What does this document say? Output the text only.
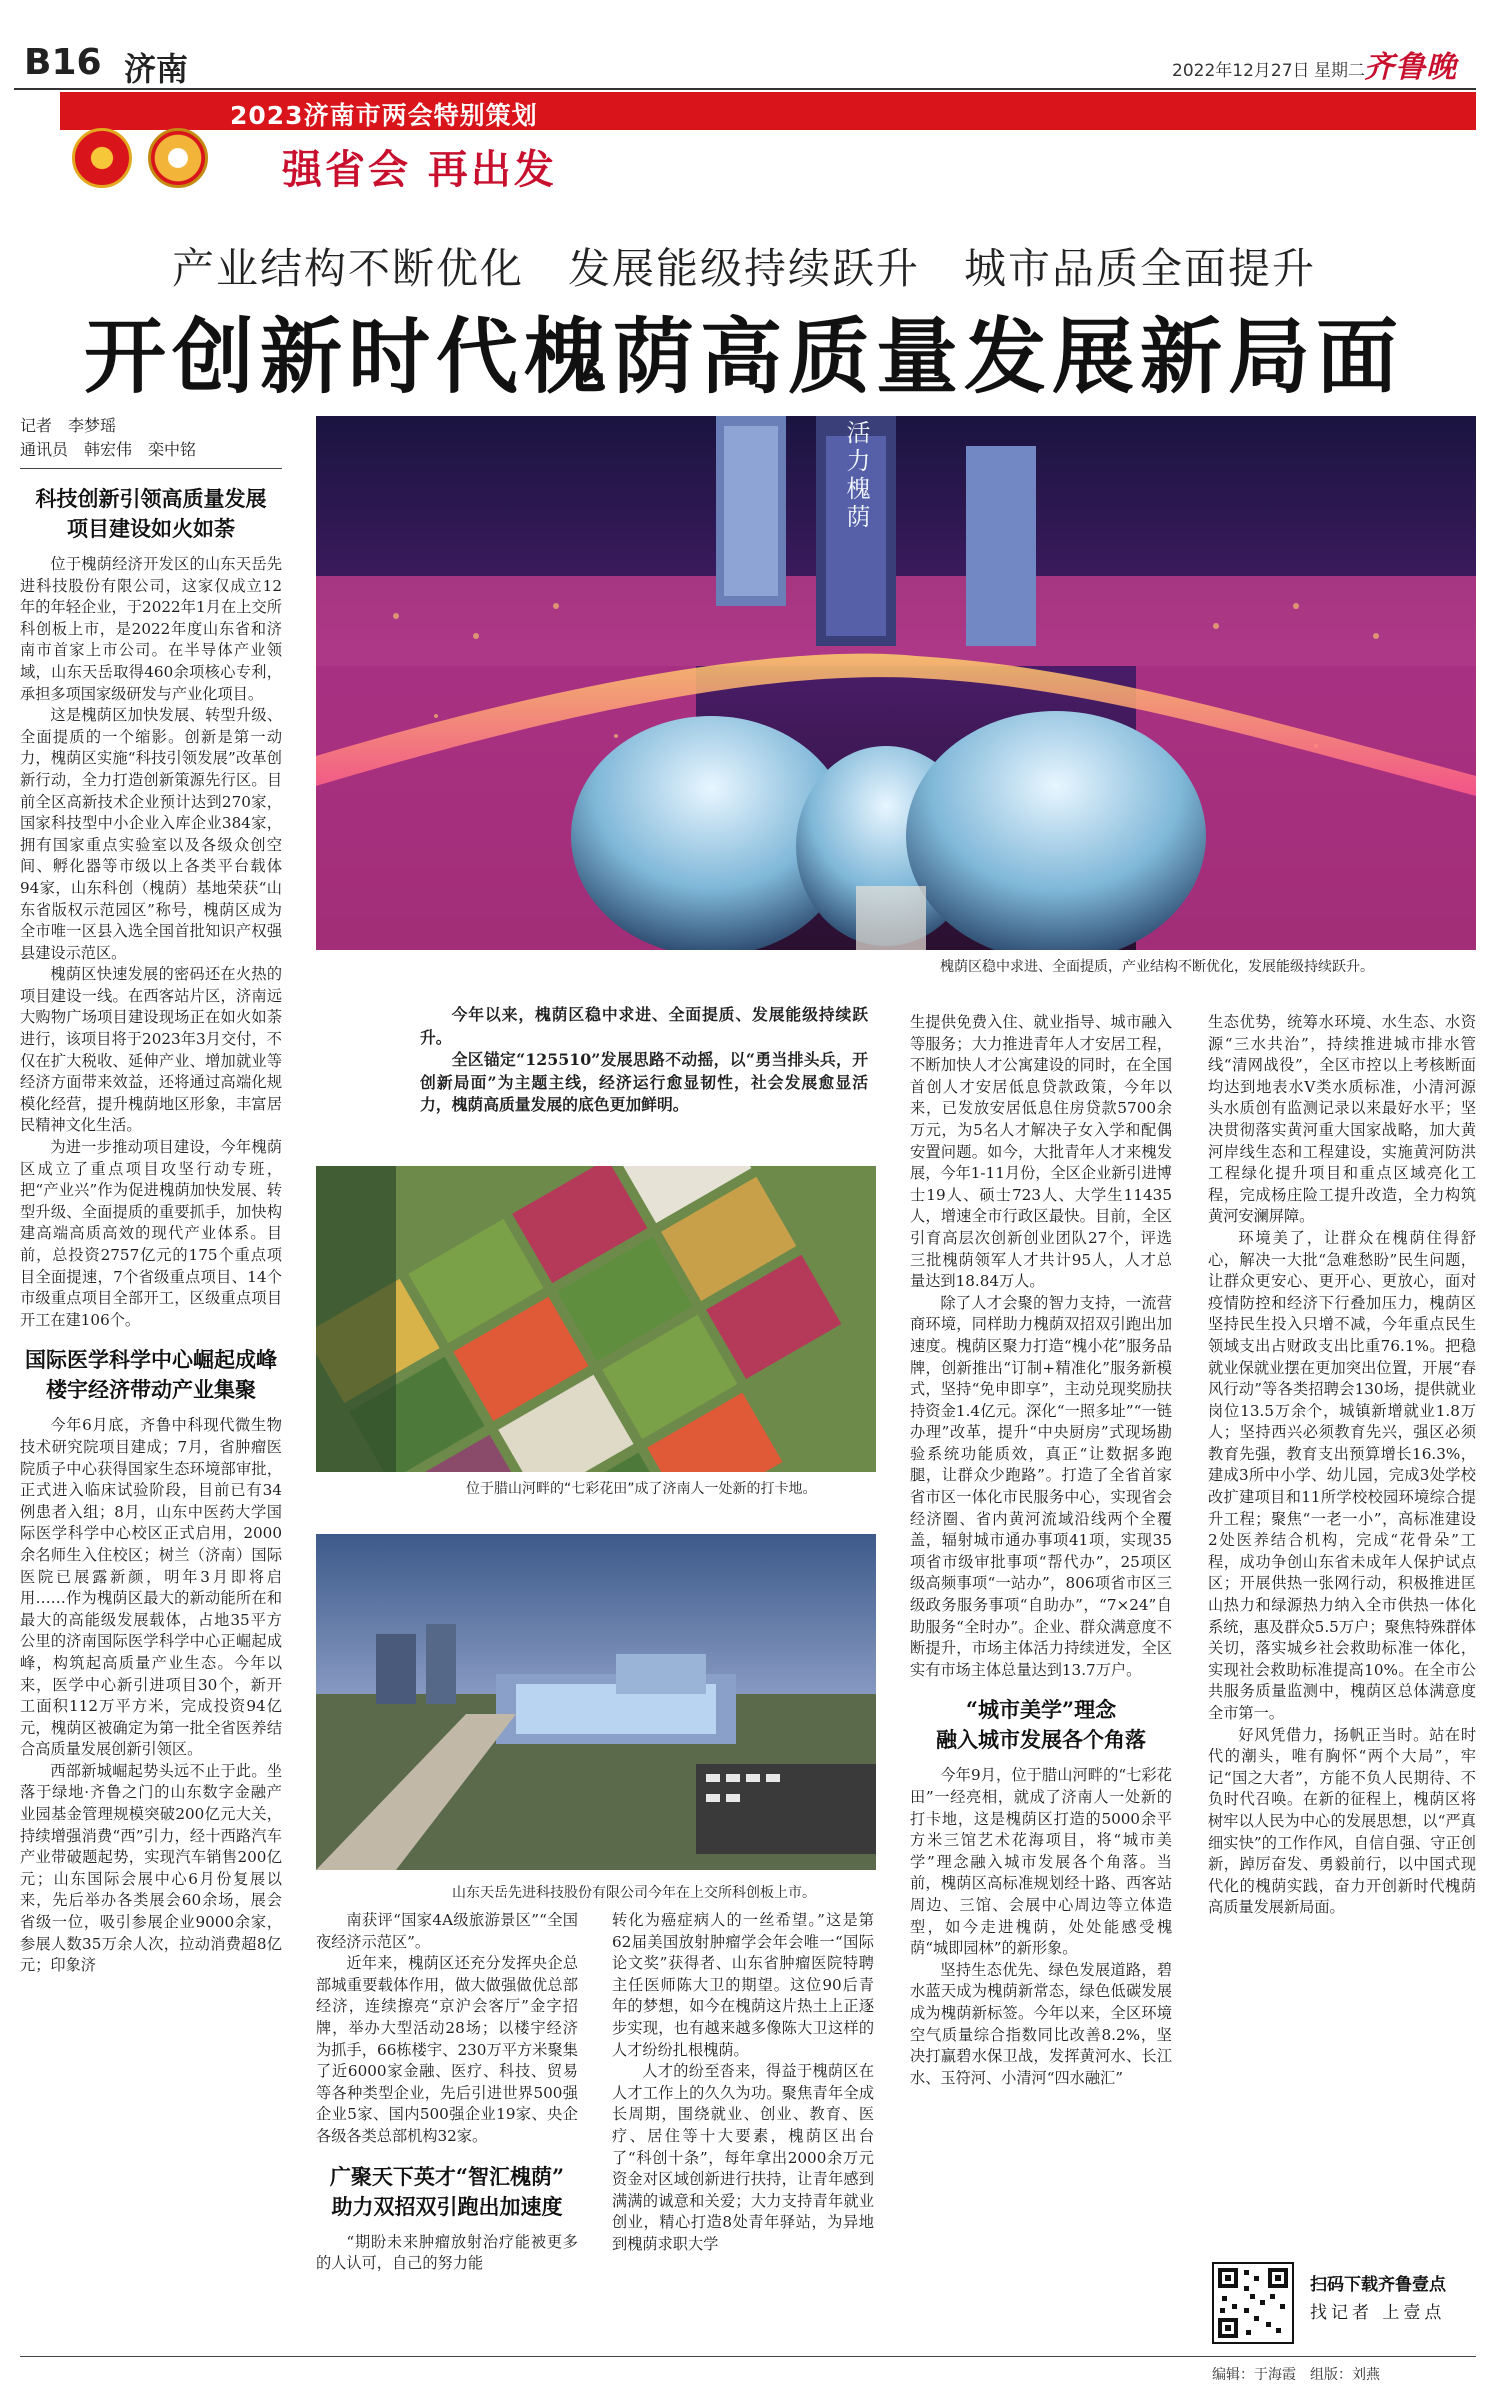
B16 济南	2022年12月27日 星期二 齐鲁晚
2023济南市两会特别策划
强省会 再出发
产业结构不断优化　发展能级持续跃升　城市品质全面提升
开创新时代槐荫高质量发展新局面
记者　李梦瑶
通讯员　韩宏伟　栾中铭

科技创新引领高质量发展
项目建设如火如荼

位于槐荫经济开发区的山东天岳先进科技股份有限公司，这家仅成立12年的年轻企业，于2022年1月在上交所科创板上市，是2022年度山东省和济南市首家上市公司。在半导体产业领域，山东天岳取得460余项核心专利，承担多项国家级研发与产业化项目。

这是槐荫区加快发展、转型升级、全面提质的一个缩影。创新是第一动力，槐荫区实施“科技引领发展”改革创新行动，全力打造创新策源先行区。目前全区高新技术企业预计达到270家，国家科技型中小企业入库企业384家，拥有国家重点实验室以及各级众创空间、孵化器等市级以上各类平台载体94家，山东科创（槐荫）基地荣获“山东省版权示范园区”称号，槐荫区成为全市唯一区县入选全国首批知识产权强县建设示范区。

槐荫区快速发展的密码还在火热的项目建设一线。在西客站片区，济南远大购物广场项目建设现场正在如火如荼进行，该项目将于2023年3月交付，不仅在扩大税收、延伸产业、增加就业等经济方面带来效益，还将通过高端化规模化经营，提升槐荫地区形象，丰富居民精神文化生活。

为进一步推动项目建设，今年槐荫区成立了重点项目攻坚行动专班，把“产业兴”作为促进槐荫加快发展、转型升级、全面提质的重要抓手，加快构建高端高质高效的现代产业体系。目前，总投资2757亿元的175个重点项目全面提速，7个省级重点项目、14个市级重点项目全部开工，区级重点项目开工在建106个。

国际医学科学中心崛起成峰
楼宇经济带动产业集聚

今年6月底，齐鲁中科现代微生物技术研究院项目建成；7月，省肿瘤医院质子中心获得国家生态环境部审批，正式进入临床试验阶段，目前已有34例患者入组；8月，山东中医药大学国际医学科学中心校区正式启用，2000余名师生入住校区；树兰（济南）国际医院已展露新颜，明年3月即将启用……作为槐荫区最大的新动能所在和最大的高能级发展载体，占地35平方公里的济南国际医学科学中心正崛起成峰，构筑起高质量产业生态。今年以来，医学中心新引进项目30个，新开工面积112万平方米，完成投资94亿元，槐荫区被确定为第一批全省医养结合高质量发展创新引领区。

西部新城崛起势头远不止于此。坐落于绿地·齐鲁之门的山东数字金融产业园基金管理规模突破200亿元大关，持续增强消费“西”引力，经十西路汽车产业带破题起势，实现汽车销售200亿元；山东国际会展中心6月份复展以来，先后举办各类展会60余场，展会省级一位，吸引参展企业9000余家，参展人数35万余人次，拉动消费超8亿元；印象济

活力槐荫
槐荫区稳中求进、全面提质，产业结构不断优化，发展能级持续跃升。

今年以来，槐荫区稳中求进、全面提质、发展能级持续跃升。

全区锚定“125510”发展思路不动摇，以“勇当排头兵，开创新局面”为主题主线，经济运行愈显韧性，社会发展愈显活力，槐荫高质量发展的底色更加鲜明。

位于腊山河畔的“七彩花田”成了济南人一处新的打卡地。
山东天岳先进科技股份有限公司今年在上交所科创板上市。

南获评“国家4A级旅游景区”“全国夜经济示范区”。

近年来，槐荫区还充分发挥央企总部城重要载体作用，做大做强做优总部经济，连续擦亮“京沪会客厅”金字招牌，举办大型活动28场；以楼宇经济为抓手，66栋楼宇、230万平方米聚集了近6000家金融、医疗、科技、贸易等各种类型企业，先后引进世界500强企业5家、国内500强企业19家、央企各级各类总部机构32家。

广聚天下英才“智汇槐荫”
助力双招双引跑出加速度

“期盼未来肿瘤放射治疗能被更多的人认可，自己的努力能

转化为癌症病人的一丝希望。”这是第62届美国放射肿瘤学会年会唯一“国际论文奖”获得者、山东省肿瘤医院特聘主任医师陈大卫的期望。这位90后青年的梦想，如今在槐荫这片热土上正逐步实现，也有越来越多像陈大卫这样的人才纷纷扎根槐荫。

人才的纷至沓来，得益于槐荫区在人才工作上的久久为功。聚焦青年全成长周期，围绕就业、创业、教育、医疗、居住等十大要素，槐荫区出台了“科创十条”，每年拿出2000余万元资金对区域创新进行扶持，让青年感到满满的诚意和关爱；大力支持青年就业创业，精心打造8处青年驿站，为异地到槐荫求职大学

生提供免费入住、就业指导、城市融入等服务；大力推进青年人才安居工程，不断加快人才公寓建设的同时，在全国首创人才安居低息贷款政策，今年以来，已发放安居低息住房贷款5700余万元，为5名人才解决子女入学和配偶安置问题。如今，大批青年人才来槐发展，今年1-11月份，全区企业新引进博士19人、硕士723人、大学生11435人，增速全市行政区最快。目前，全区引育高层次创新创业团队27个，评选三批槐荫领军人才共计95人，人才总量达到18.84万人。

除了人才会聚的智力支持，一流营商环境，同样助力槐荫双招双引跑出加速度。槐荫区聚力打造“槐小花”服务品牌，创新推出“订制+精准化”服务新模式，坚持“免申即享”，主动兑现奖励扶持资金1.4亿元。深化“一照多址”“一链办理”改革，提升“中央厨房”式现场勘验系统功能质效，真正“让数据多跑腿，让群众少跑路”。打造了全省首家省市区一体化市民服务中心，实现省会经济圈、省内黄河流域沿线两个全覆盖，辐射城市通办事项41项，实现35项省市级审批事项“帮代办”，25项区级高频事项“一站办”，806项省市区三级政务服务事项“自助办”，“7×24”自助服务“全时办”。企业、群众满意度不断提升，市场主体活力持续迸发，全区实有市场主体总量达到13.7万户。

“城市美学”理念
融入城市发展各个角落

今年9月，位于腊山河畔的“七彩花田”一经亮相，就成了济南人一处新的打卡地，这是槐荫区打造的5000余平方米三馆艺术花海项目，将“城市美学”理念融入城市发展各个角落。当前，槐荫区高标准规划经十路、西客站周边、三馆、会展中心周边等立体造型，如今走进槐荫，处处能感受槐荫“城即园林”的新形象。

坚持生态优先、绿色发展道路，碧水蓝天成为槐荫新常态，绿色低碳发展成为槐荫新标签。今年以来，全区环境空气质量综合指数同比改善8.2%，坚决打赢碧水保卫战，发挥黄河水、长江水、玉符河、小清河“四水融汇”

生态优势，统筹水环境、水生态、水资源“三水共治”，持续推进城市排水管线“清网战役”，全区市控以上考核断面均达到地表水Ⅴ类水质标准，小清河源头水质创有监测记录以来最好水平；坚决贯彻落实黄河重大国家战略，加大黄河岸线生态和工程建设，实施黄河防洪工程绿化提升项目和重点区域亮化工程，完成杨庄险工提升改造，全力构筑黄河安澜屏障。

环境美了，让群众在槐荫住得舒心，解决一大批“急难愁盼”民生问题，让群众更安心、更开心、更放心，面对疫情防控和经济下行叠加压力，槐荫区坚持民生投入只增不减，今年重点民生领域支出占财政支出比重76.1%。把稳就业保就业摆在更加突出位置，开展“春风行动”等各类招聘会130场，提供就业岗位13.5万余个，城镇新增就业1.8万人；坚持西兴必须教育先兴，强区必须教育先强，教育支出预算增长16.3%，建成3所中小学、幼儿园，完成3处学校改扩建项目和11所学校校园环境综合提升工程；聚焦“一老一小”，高标准建设2处医养结合机构，完成“花骨朵”工程，成功争创山东省未成年人保护试点区；开展供热一张网行动，积极推进匡山热力和绿源热力纳入全市供热一体化系统，惠及群众5.5万户；聚焦特殊群体关切，落实城乡社会救助标准一体化，实现社会救助标准提高10%。在全市公共服务质量监测中，槐荫区总体满意度全市第一。

好风凭借力，扬帆正当时。站在时代的潮头，唯有胸怀“两个大局”，牢记“国之大者”，方能不负人民期待、不负时代召唤。在新的征程上，槐荫区将树牢以人民为中心的发展思想，以“严真细实快”的工作作风，自信自强、守正创新，踔厉奋发、勇毅前行，以中国式现代化的槐荫实践，奋力开创新时代槐荫高质量发展新局面。

扫码下载齐鲁壹点
找记者 上壹点
编辑：于海霞　组版：刘燕
